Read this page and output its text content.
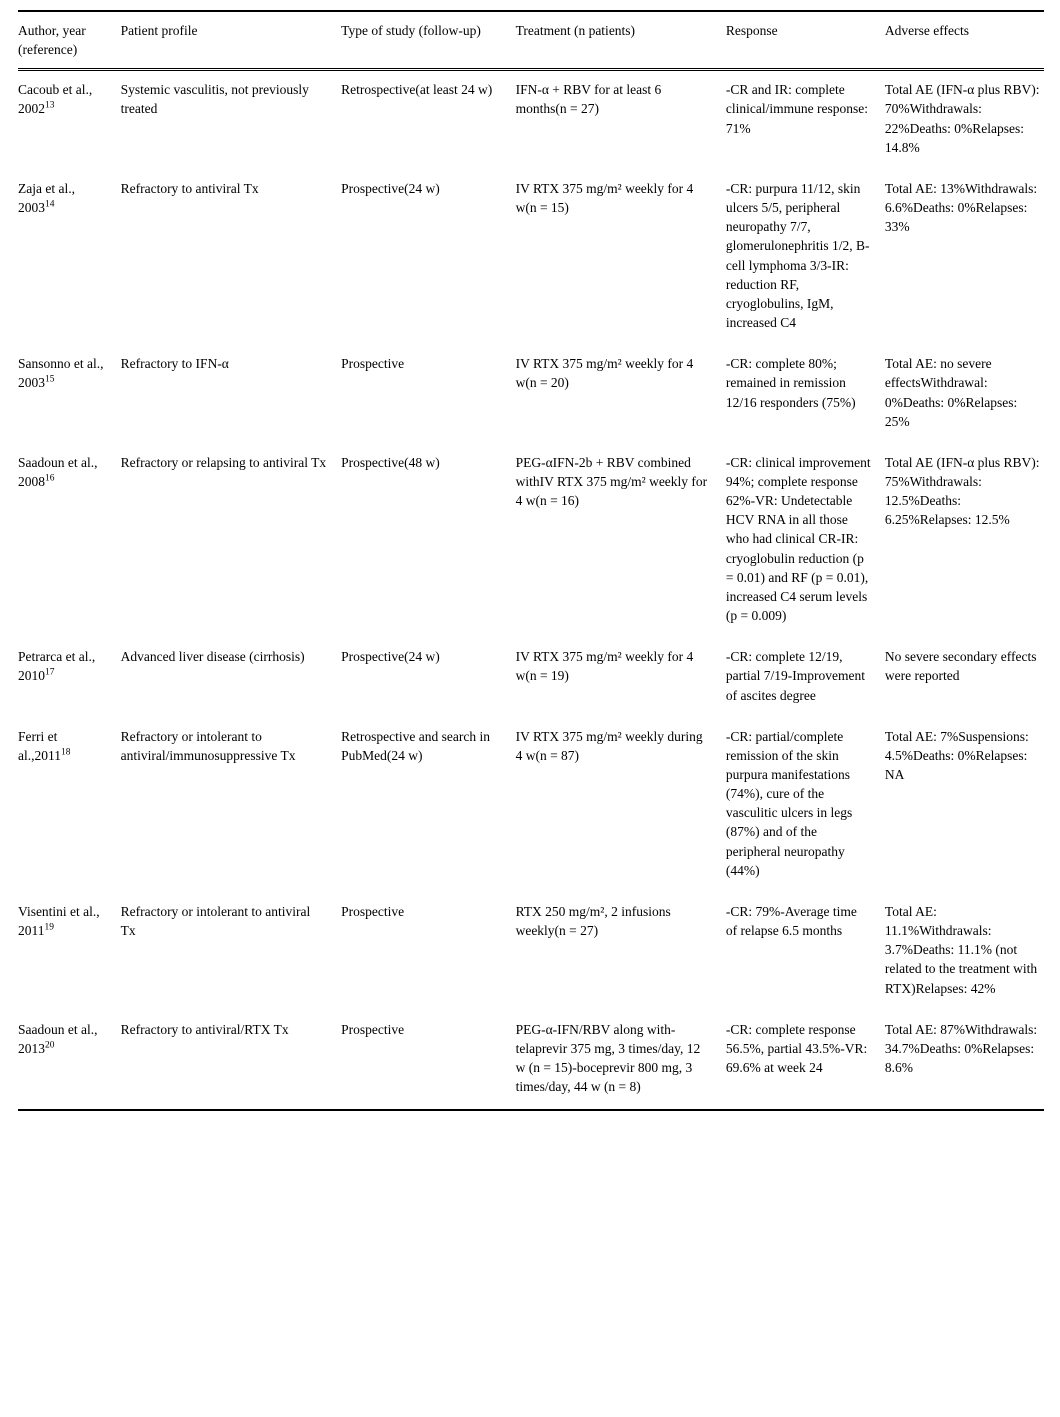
Author, year (reference)	Patient profile	Type of study (follow-up)	Treatment (n patients)	Response	Adverse effects
Cacoub et al., 2002$^{13}$	Systemic vasculitis, not previously treated	Retrospective(at least 24 w)	IFN-α + RBV for at least 6 months(n = 27)	-CR and IR: complete clinical/immune response: 71%	Total AE (IFN-α plus RBV): 70%Withdrawals: 22%Deaths: 0%Relapses: 14.8%
Zaja et al., 2003$^{14}$	Refractory to antiviral Tx	Prospective(24 w)	IV RTX 375 mg/m² weekly for 4 w(n = 15)	-CR: purpura 11/12, skin ulcers 5/5, peripheral neuropathy 7/7, glomerulonephritis 1/2, B-cell lymphoma 3/3-IR: reduction RF, cryoglobulins, IgM, increased C4	Total AE: 13%Withdrawals: 6.6%Deaths: 0%Relapses: 33%
Sansonno et al., 2003$^{15}$	Refractory to IFN-α	Prospective	IV RTX 375 mg/m² weekly for 4 w(n = 20)	-CR: complete 80%; remained in remission 12/16 responders (75%)	Total AE: no severe effectsWithdrawal: 0%Deaths: 0%Relapses: 25%
Saadoun et al., 2008$^{16}$	Refractory or relapsing to antiviral Tx	Prospective(48 w)	PEG-αIFN-2b + RBV combined withIV RTX 375 mg/m² weekly for 4 w(n = 16)	-CR: clinical improvement 94%; complete response 62%-VR: Undetectable HCV RNA in all those who had clinical CR-IR: cryoglobulin reduction (p = 0.01) and RF (p = 0.01), increased C4 serum levels (p = 0.009)	Total AE (IFN-α plus RBV): 75%Withdrawals: 12.5%Deaths: 6.25%Relapses: 12.5%
Petrarca et al., 2010$^{17}$	Advanced liver disease (cirrhosis)	Prospective(24 w)	IV RTX 375 mg/m² weekly for 4 w(n = 19)	-CR: complete 12/19, partial 7/19-Improvement of ascites degree	No severe secondary effects were reported
Ferri et al.,2011$^{18}$	Refractory or intolerant to antiviral/immunosuppressive Tx	Retrospective and search in PubMed(24 w)	IV RTX 375 mg/m² weekly during 4 w(n = 87)	-CR: partial/complete remission of the skin purpura manifestations (74%), cure of the vasculitic ulcers in legs (87%) and of the peripheral neuropathy (44%)	Total AE: 7%Suspensions: 4.5%Deaths: 0%Relapses: NA
Visentini et al., 2011$^{19}$	Refractory or intolerant to antiviral Tx	Prospective	RTX 250 mg/m², 2 infusions weekly(n = 27)	-CR: 79%-Average time of relapse 6.5 months	Total AE: 11.1%Withdrawals: 3.7%Deaths: 11.1% (not related to the treatment with RTX)Relapses: 42%
Saadoun et al., 2013$^{20}$	Refractory to antiviral/RTX Tx	Prospective	PEG-α-IFN/RBV along with-telaprevir 375 mg, 3 times/day, 12 w (n = 15)-boceprevir 800 mg, 3 times/day, 44 w (n = 8)	-CR: complete response 56.5%, partial 43.5%-VR: 69.6% at week 24	Total AE: 87%Withdrawals: 34.7%Deaths: 0%Relapses: 8.6%
